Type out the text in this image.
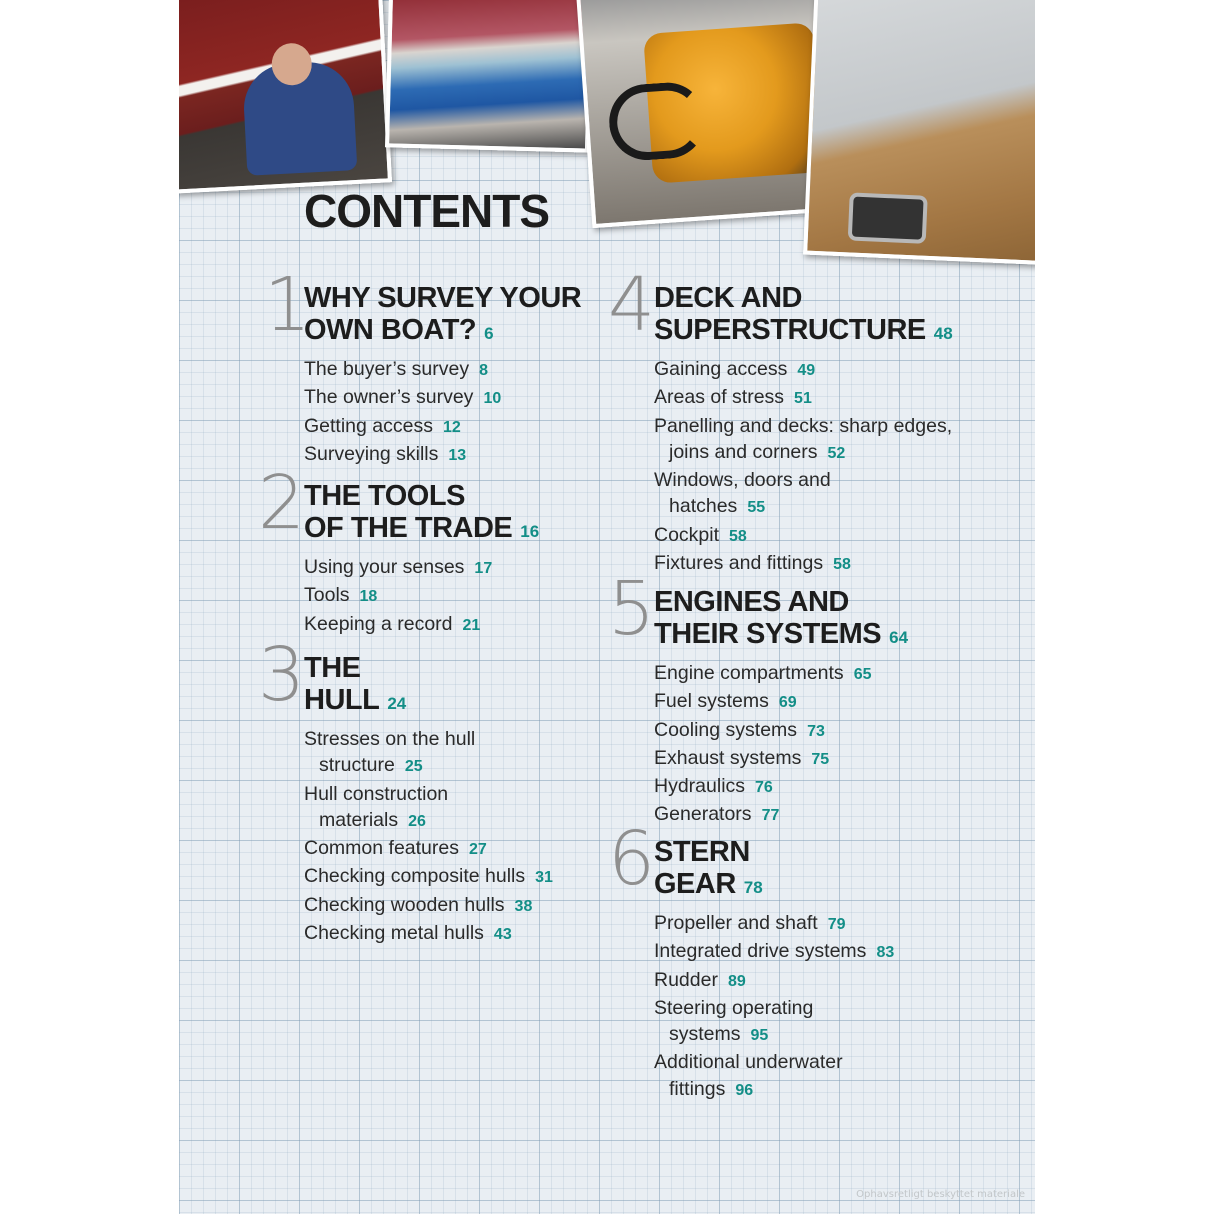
CONTENTS
1
WHY SURVEY YOUR
OWN BOAT? 6
The buyer’s survey 8
The owner’s survey 10
Getting access 12
Surveying skills 13
2
THE TOOLS
OF THE TRADE 16
Using your senses 17
Tools 18
Keeping a record 21
3
THE
HULL 24
Stresses on the hull
structure 25
Hull construction
materials 26
Common features 27
Checking composite hulls 31
Checking wooden hulls 38
Checking metal hulls 43
4
DECK AND
SUPERSTRUCTURE 48
Gaining access 49
Areas of stress 51
Panelling and decks: sharp edges,
joins and corners 52
Windows, doors and
hatches 55
Cockpit 58
Fixtures and fittings 58
5
ENGINES AND
THEIR SYSTEMS 64
Engine compartments 65
Fuel systems 69
Cooling systems 73
Exhaust systems 75
Hydraulics 76
Generators 77
6
STERN
GEAR 78
Propeller and shaft 79
Integrated drive systems 83
Rudder 89
Steering operating
systems 95
Additional underwater
fittings 96
Ophavsretligt beskyttet materiale
